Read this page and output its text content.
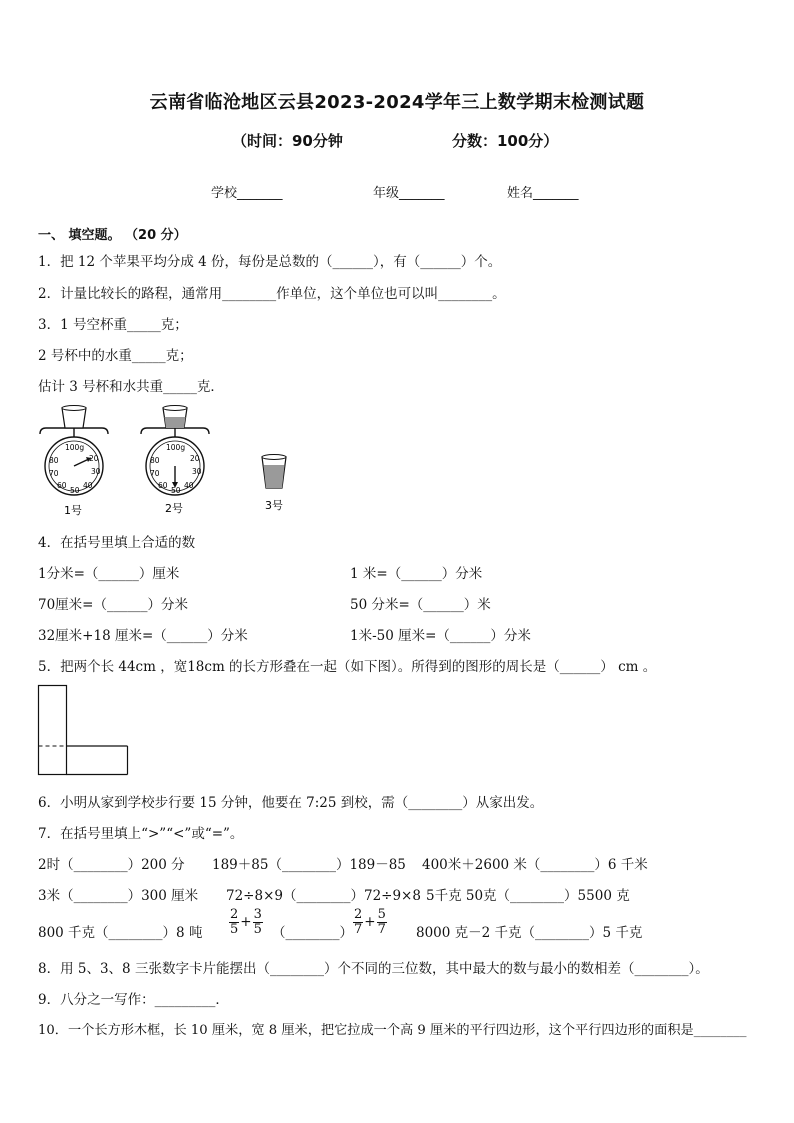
云南省临沧地区云县2023-2024学年三上数学期末检测试题
（时间：90分钟	分数：100分）
学校_______	年级_______	姓名_______
一、 填空题。 （20 分）
1．把 12 个苹果平均分成 4 份，每份是总数的（______），有（______）个。
2．计量比较长的路程，通常用________作单位，这个单位也可以叫________。
3．1 号空杯重_____克；
2 号杯中的水重_____克；
估计 3 号杯和水共重_____克．
100g
20
80
30
70
60 40
50
100g
20
80
30
70
60 40
50
1号	2号	3号
4．在括号里填上合适的数
1分米=（______）厘米	1 米=（______）分米
70厘米=（______）分米	50 分米=（______）米
32厘米+18 厘米=（______）分米	1米-50 厘米=（______）分米
5．把两个长 44cm ，宽18cm 的长方形叠在一起（如下图）。所得到的图形的周长是（______） cm 。
6．小明从家到学校步行要 15 分钟，他要在 7:25 到校，需（________）从家出发。
7．在括号里填上“>”“<”或“=”。
2时（________）200 分 189＋85（________）189－85 400米＋2600 米（________）6 千米
3米（________）300 厘米 72÷8×9（________）72÷9×8 5千克 50克（________）5500 克
800 千克（________）8 吨 $\frac{2}{5} + \frac{3}{5}$ （________） $\frac{2}{7} + \frac{5}{7} 8000$ 克－2 千克（________）5 千克
8．用 5、3、8 三张数字卡片能摆出（________）个不同的三位数，其中最大的数与最小的数相差（________）。
9．八分之一写作：_________．
10．一个长方形木框，长 10 厘米，宽 8 厘米，把它拉成一个高 9 厘米的平行四边形，这个平行四边形的面积是________
